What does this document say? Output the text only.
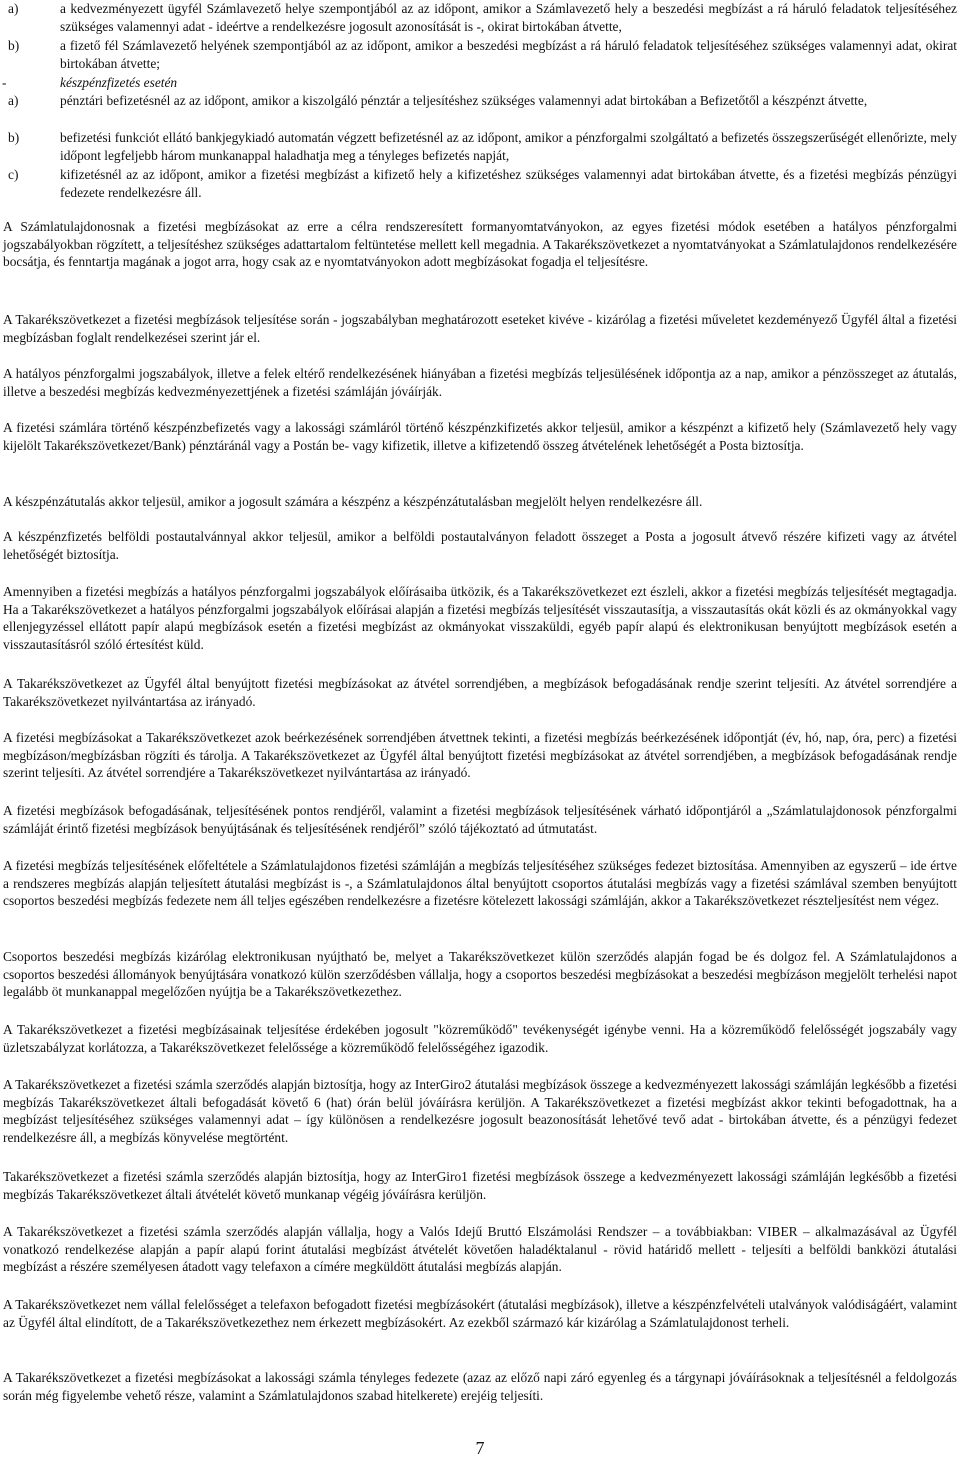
a)	a kedvezményezett ügyfél Számlavezető helye szempontjából az az időpont, amikor a Számlavezető hely a beszedési megbízást a rá háruló feladatok teljesítéséhez szükséges valamennyi adat - ideértve a rendelkezésre jogosult azonosítását is -, okirat birtokában átvette,
b)	a fizető fél Számlavezető helyének szempontjából az az időpont, amikor a beszedési megbízást a rá háruló feladatok teljesítéséhez szükséges valamennyi adat, okirat birtokában átvette;
-	készpénzfizetés esetén
a)	pénztári befizetésnél az az időpont, amikor a kiszolgáló pénztár a teljesítéshez szükséges valamennyi adat birtokában a Befizetőtől a készpénzt átvette,
b)	befizetési funkciót ellátó bankjegykiadó automatán végzett befizetésnél az az időpont, amikor a pénzforgalmi szolgáltató a befizetés összegszerűségét ellenőrizte, mely időpont legfeljebb három munkanappal haladhatja meg a tényleges befizetés napját,
c)	kifizetésnél az az időpont, amikor a fizetési megbízást a kifizető hely a kifizetéshez szükséges valamennyi adat birtokában átvette, és a fizetési megbízás pénzügyi fedezete rendelkezésre áll.

A Számlatulajdonosnak a fizetési megbízásokat az erre a célra rendszeresített formanyomtatványokon, az egyes fizetési módok esetében a hatályos pénzforgalmi jogszabályokban rögzített, a teljesítéshez szükséges adattartalom feltüntetése mellett kell megadnia. A Takarékszövetkezet a nyomtatványokat a Számlatulajdonos rendelkezésére bocsátja, és fenntartja magának a jogot arra, hogy csak az e nyomtatványokon adott megbízásokat fogadja el teljesítésre.

A Takarékszövetkezet a fizetési megbízások teljesítése során - jogszabályban meghatározott eseteket kivéve - kizárólag a fizetési műveletet kezdeményező Ügyfél által a fizetési megbízásban foglalt rendelkezései szerint jár el.

A hatályos pénzforgalmi jogszabályok, illetve a felek eltérő rendelkezésének hiányában a fizetési megbízás teljesülésének időpontja az a nap, amikor a pénzösszeget az átutalás, illetve a beszedési megbízás kedvezményezettjének a fizetési számláján jóváírják.

A fizetési számlára történő készpénzbefizetés vagy a lakossági számláról történő készpénzkifizetés akkor teljesül, amikor a készpénzt a kifizető hely (Számlavezető hely vagy kijelölt Takarékszövetkezet/Bank) pénztáránál vagy a Postán be- vagy kifizetik, illetve a kifizetendő összeg átvételének lehetőségét a Posta biztosítja.

A készpénzátutalás akkor teljesül, amikor a jogosult számára a készpénz a készpénzátutalásban megjelölt helyen rendelkezésre áll.

A készpénzfizetés belföldi postautalvánnyal akkor teljesül, amikor a belföldi postautalványon feladott összeget a Posta a jogosult átvevő részére kifizeti vagy az átvétel lehetőségét biztosítja.

Amennyiben a fizetési megbízás a hatályos pénzforgalmi jogszabályok előírásaiba ütközik, és a Takarékszövetkezet ezt észleli, akkor a fizetési megbízás teljesítését megtagadja. Ha a Takarékszövetkezet a hatályos pénzforgalmi jogszabályok előírásai alapján a fizetési megbízás teljesítését visszautasítja, a visszautasítás okát közli és az okmányokkal vagy ellenjegyzéssel ellátott papír alapú megbízások esetén a fizetési megbízást az okmányokat visszaküldi, egyéb papír alapú és elektronikusan benyújtott megbízások esetén a visszautasításról szóló értesítést küld.

A Takarékszövetkezet az Ügyfél által benyújtott fizetési megbízásokat az átvétel sorrendjében, a megbízások befogadásának rendje szerint teljesíti. Az átvétel sorrendjére a Takarékszövetkezet nyilvántartása az irányadó.

A fizetési megbízásokat a Takarékszövetkezet azok beérkezésének sorrendjében átvettnek tekinti, a fizetési megbízás beérkezésének időpontját (év, hó, nap, óra, perc) a fizetési megbízáson/megbízásban rögzíti és tárolja. A Takarékszövetkezet az Ügyfél által benyújtott fizetési megbízásokat az átvétel sorrendjében, a megbízások befogadásának rendje szerint teljesíti. Az átvétel sorrendjére a Takarékszövetkezet nyilvántartása az irányadó.

A fizetési megbízások befogadásának, teljesítésének pontos rendjéről, valamint a fizetési megbízások teljesítésének várható időpontjáról a „Számlatulajdonosok pénzforgalmi számláját érintő fizetési megbízások benyújtásának és teljesítésének rendjéről” szóló tájékoztató ad útmutatást.

A fizetési megbízás teljesítésének előfeltétele a Számlatulajdonos fizetési számláján a megbízás teljesítéséhez szükséges fedezet biztosítása. Amennyiben az egyszerű – ide értve a rendszeres megbízás alapján teljesített átutalási megbízást is -, a Számlatulajdonos által benyújtott csoportos átutalási megbízás vagy a fizetési számlával szemben benyújtott csoportos beszedési megbízás fedezete nem áll teljes egészében rendelkezésre a fizetésre kötelezett lakossági számláján, akkor a Takarékszövetkezet részteljesítést nem végez.

Csoportos beszedési megbízás kizárólag elektronikusan nyújtható be, melyet a Takarékszövetkezet külön szerződés alapján fogad be és dolgoz fel. A Számlatulajdonos a csoportos beszedési állományok benyújtására vonatkozó külön szerződésben vállalja, hogy a csoportos beszedési megbízásokat a beszedési megbízáson megjelölt terhelési napot legalább öt munkanappal megelőzően nyújtja be a Takarékszövetkezethez.

A Takarékszövetkezet a fizetési megbízásainak teljesítése érdekében jogosult "közreműködő" tevékenységét igénybe venni. Ha a közreműködő felelősségét jogszabály vagy üzletszabályzat korlátozza, a Takarékszövetkezet felelőssége a közreműködő felelősségéhez igazodik.

A Takarékszövetkezet a fizetési számla szerződés alapján biztosítja, hogy az InterGiro2 átutalási megbízások összege a kedvezményezett lakossági számláján legkésőbb a fizetési megbízás Takarékszövetkezet általi befogadását követő 6 (hat) órán belül jóváírásra kerüljön. A Takarékszövetkezet a fizetési megbízást akkor tekinti befogadottnak, ha a megbízást teljesítéséhez szükséges valamennyi adat – így különösen a rendelkezésre jogosult beazonosítását lehetővé tevő adat - birtokában átvette, és a pénzügyi fedezet rendelkezésre áll, a megbízás könyvelése megtörtént.

Takarékszövetkezet a fizetési számla szerződés alapján biztosítja, hogy az InterGiro1 fizetési megbízások összege a kedvezményezett lakossági számláján legkésőbb a fizetési megbízás Takarékszövetkezet általi átvételét követő munkanap végéig jóváírásra kerüljön.

A Takarékszövetkezet a fizetési számla szerződés alapján vállalja, hogy a Valós Idejű Bruttó Elszámolási Rendszer – a továbbiakban: VIBER – alkalmazásával az Ügyfél vonatkozó rendelkezése alapján a papír alapú forint átutalási megbízást átvételét követően haladéktalanul - rövid határidő mellett - teljesíti a belföldi bankközi átutalási megbízást a részére személyesen átadott vagy telefaxon a címére megküldött átutalási megbízás alapján.

A Takarékszövetkezet nem vállal felelősséget a telefaxon befogadott fizetési megbízásokért (átutalási megbízások), illetve a készpénzfelvételi utalványok valódiságáért, valamint az Ügyfél által elindított, de a Takarékszövetkezethez nem érkezett megbízásokért. Az ezekből származó kár kizárólag a Számlatulajdonost terheli.

A Takarékszövetkezet a fizetési megbízásokat a lakossági számla tényleges fedezete (azaz az előző napi záró egyenleg és a tárgynapi jóváírásoknak a teljesítésnél a feldolgozás során még figyelembe vehető része, valamint a Számlatulajdonos szabad hitelkerete) erejéig teljesíti.

7
